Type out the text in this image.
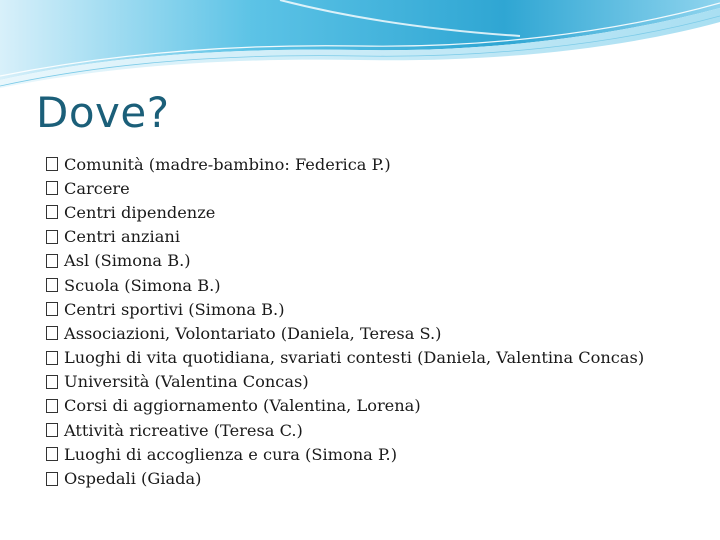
Dove?
Comunità (madre-bambino: Federica P.)
Carcere
Centri dipendenze
Centri anziani
Asl (Simona B.)
Scuola (Simona B.)
Centri sportivi (Simona B.)
Associazioni, Volontariato (Daniela, Teresa S.)
Luoghi di vita quotidiana, svariati contesti (Daniela, Valentina Concas)
Università (Valentina Concas)
Corsi di aggiornamento (Valentina, Lorena)
Attività ricreative (Teresa C.)
Luoghi di accoglienza e cura (Simona P.)
Ospedali (Giada)
